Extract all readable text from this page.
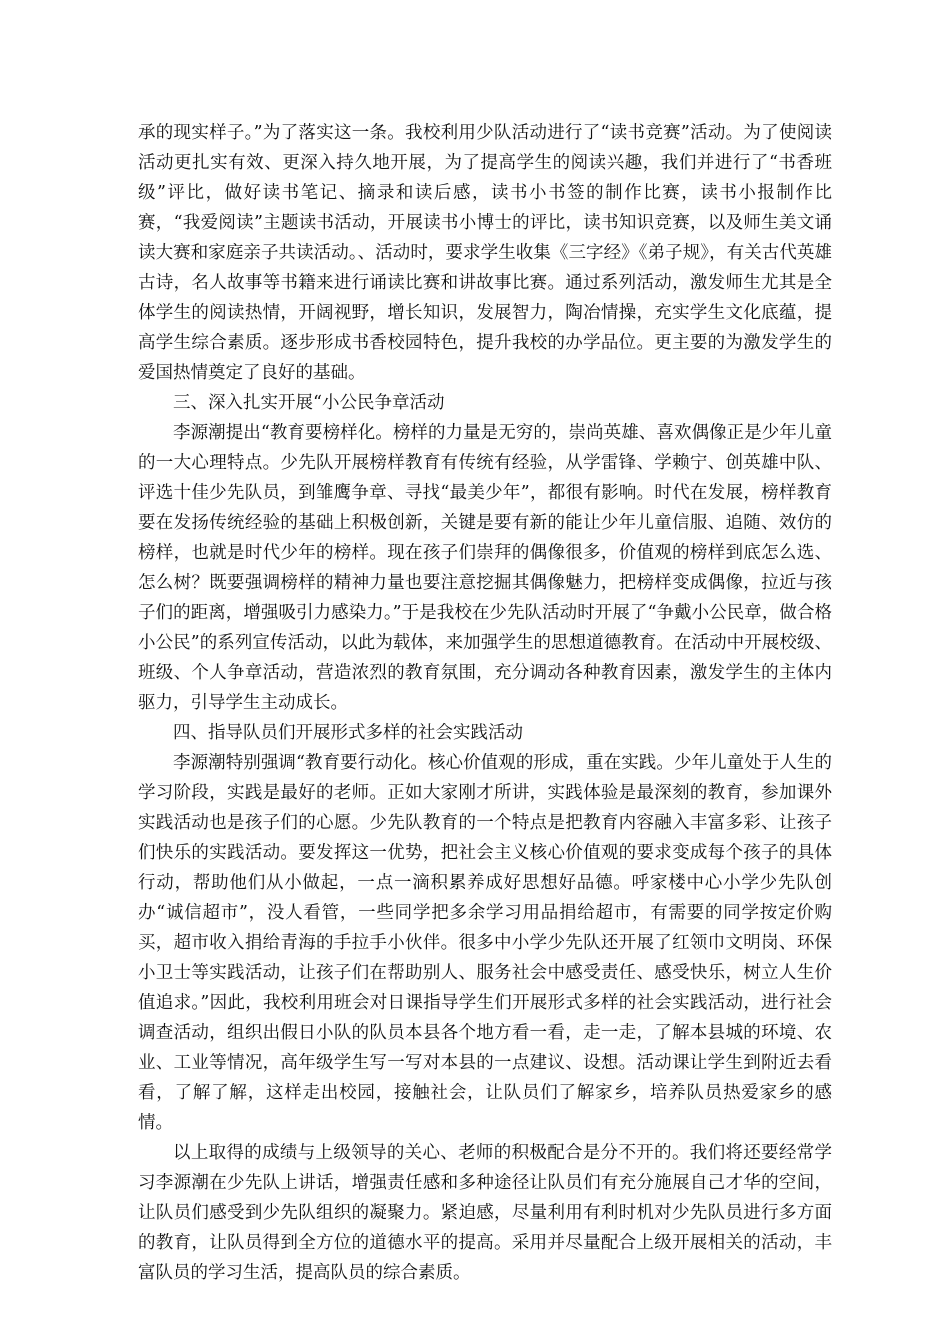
承的现实样子。”为了落实这一条。我校利用少队活动进行了“读书竞赛”活动。为了使阅读活动更扎实有效、更深入持久地开展，为了提高学生的阅读兴趣，我们并进行了“书香班级”评比，做好读书笔记、摘录和读后感，读书小书签的制作比赛，读书小报制作比赛，“我爱阅读”主题读书活动，开展读书小博士的评比，读书知识竞赛，以及师生美文诵读大赛和家庭亲子共读活动。、活动时，要求学生收集《三字经》《弟子规》，有关古代英雄古诗，名人故事等书籍来进行诵读比赛和讲故事比赛。通过系列活动，激发师生尤其是全体学生的阅读热情，开阔视野，增长知识，发展智力，陶冶情操，充实学生文化底蕴，提高学生综合素质。逐步形成书香校园特色，提升我校的办学品位。更主要的为激发学生的爱国热情奠定了良好的基础。

三、深入扎实开展“小公民争章活动

李源潮提出“教育要榜样化。榜样的力量是无穷的，崇尚英雄、喜欢偶像正是少年儿童的一大心理特点。少先队开展榜样教育有传统有经验，从学雷锋、学赖宁、创英雄中队、评选十佳少先队员，到雏鹰争章、寻找“最美少年”，都很有影响。时代在发展，榜样教育要在发扬传统经验的基础上积极创新，关键是要有新的能让少年儿童信服、追随、效仿的榜样，也就是时代少年的榜样。现在孩子们崇拜的偶像很多，价值观的榜样到底怎么选、怎么树？既要强调榜样的精神力量也要注意挖掘其偶像魅力，把榜样变成偶像，拉近与孩子们的距离，增强吸引力感染力。”于是我校在少先队活动时开展了“争戴小公民章，做合格小公民”的系列宣传活动，以此为载体，来加强学生的思想道德教育。在活动中开展校级、班级、个人争章活动，营造浓烈的教育氛围，充分调动各种教育因素，激发学生的主体内驱力，引导学生主动成长。

四、指导队员们开展形式多样的社会实践活动

李源潮特别强调“教育要行动化。核心价值观的形成，重在实践。少年儿童处于人生的学习阶段，实践是最好的老师。正如大家刚才所讲，实践体验是最深刻的教育，参加课外实践活动也是孩子们的心愿。少先队教育的一个特点是把教育内容融入丰富多彩、让孩子们快乐的实践活动。要发挥这一优势，把社会主义核心价值观的要求变成每个孩子的具体行动，帮助他们从小做起，一点一滴积累养成好思想好品德。呼家楼中心小学少先队创办“诚信超市”，没人看管，一些同学把多余学习用品捐给超市，有需要的同学按定价购买，超市收入捐给青海的手拉手小伙伴。很多中小学少先队还开展了红领巾文明岗、环保小卫士等实践活动，让孩子们在帮助别人、服务社会中感受责任、感受快乐，树立人生价值追求。”因此，我校利用班会对日课指导学生们开展形式多样的社会实践活动，进行社会调查活动，组织出假日小队的队员本县各个地方看一看，走一走，了解本县城的环境、农业、工业等情况，高年级学生写一写对本县的一点建议、设想。活动课让学生到附近去看看，了解了解，这样走出校园，接触社会，让队员们了解家乡，培养队员热爱家乡的感情。

以上取得的成绩与上级领导的关心、老师的积极配合是分不开的。我们将还要经常学习李源潮在少先队上讲话，增强责任感和多种途径让队员们有充分施展自己才华的空间，让队员们感受到少先队组织的凝聚力。紧迫感，尽量利用有利时机对少先队员进行多方面的教育，让队员得到全方位的道德水平的提高。采用并尽量配合上级开展相关的活动，丰富队员的学习生活，提高队员的综合素质。
